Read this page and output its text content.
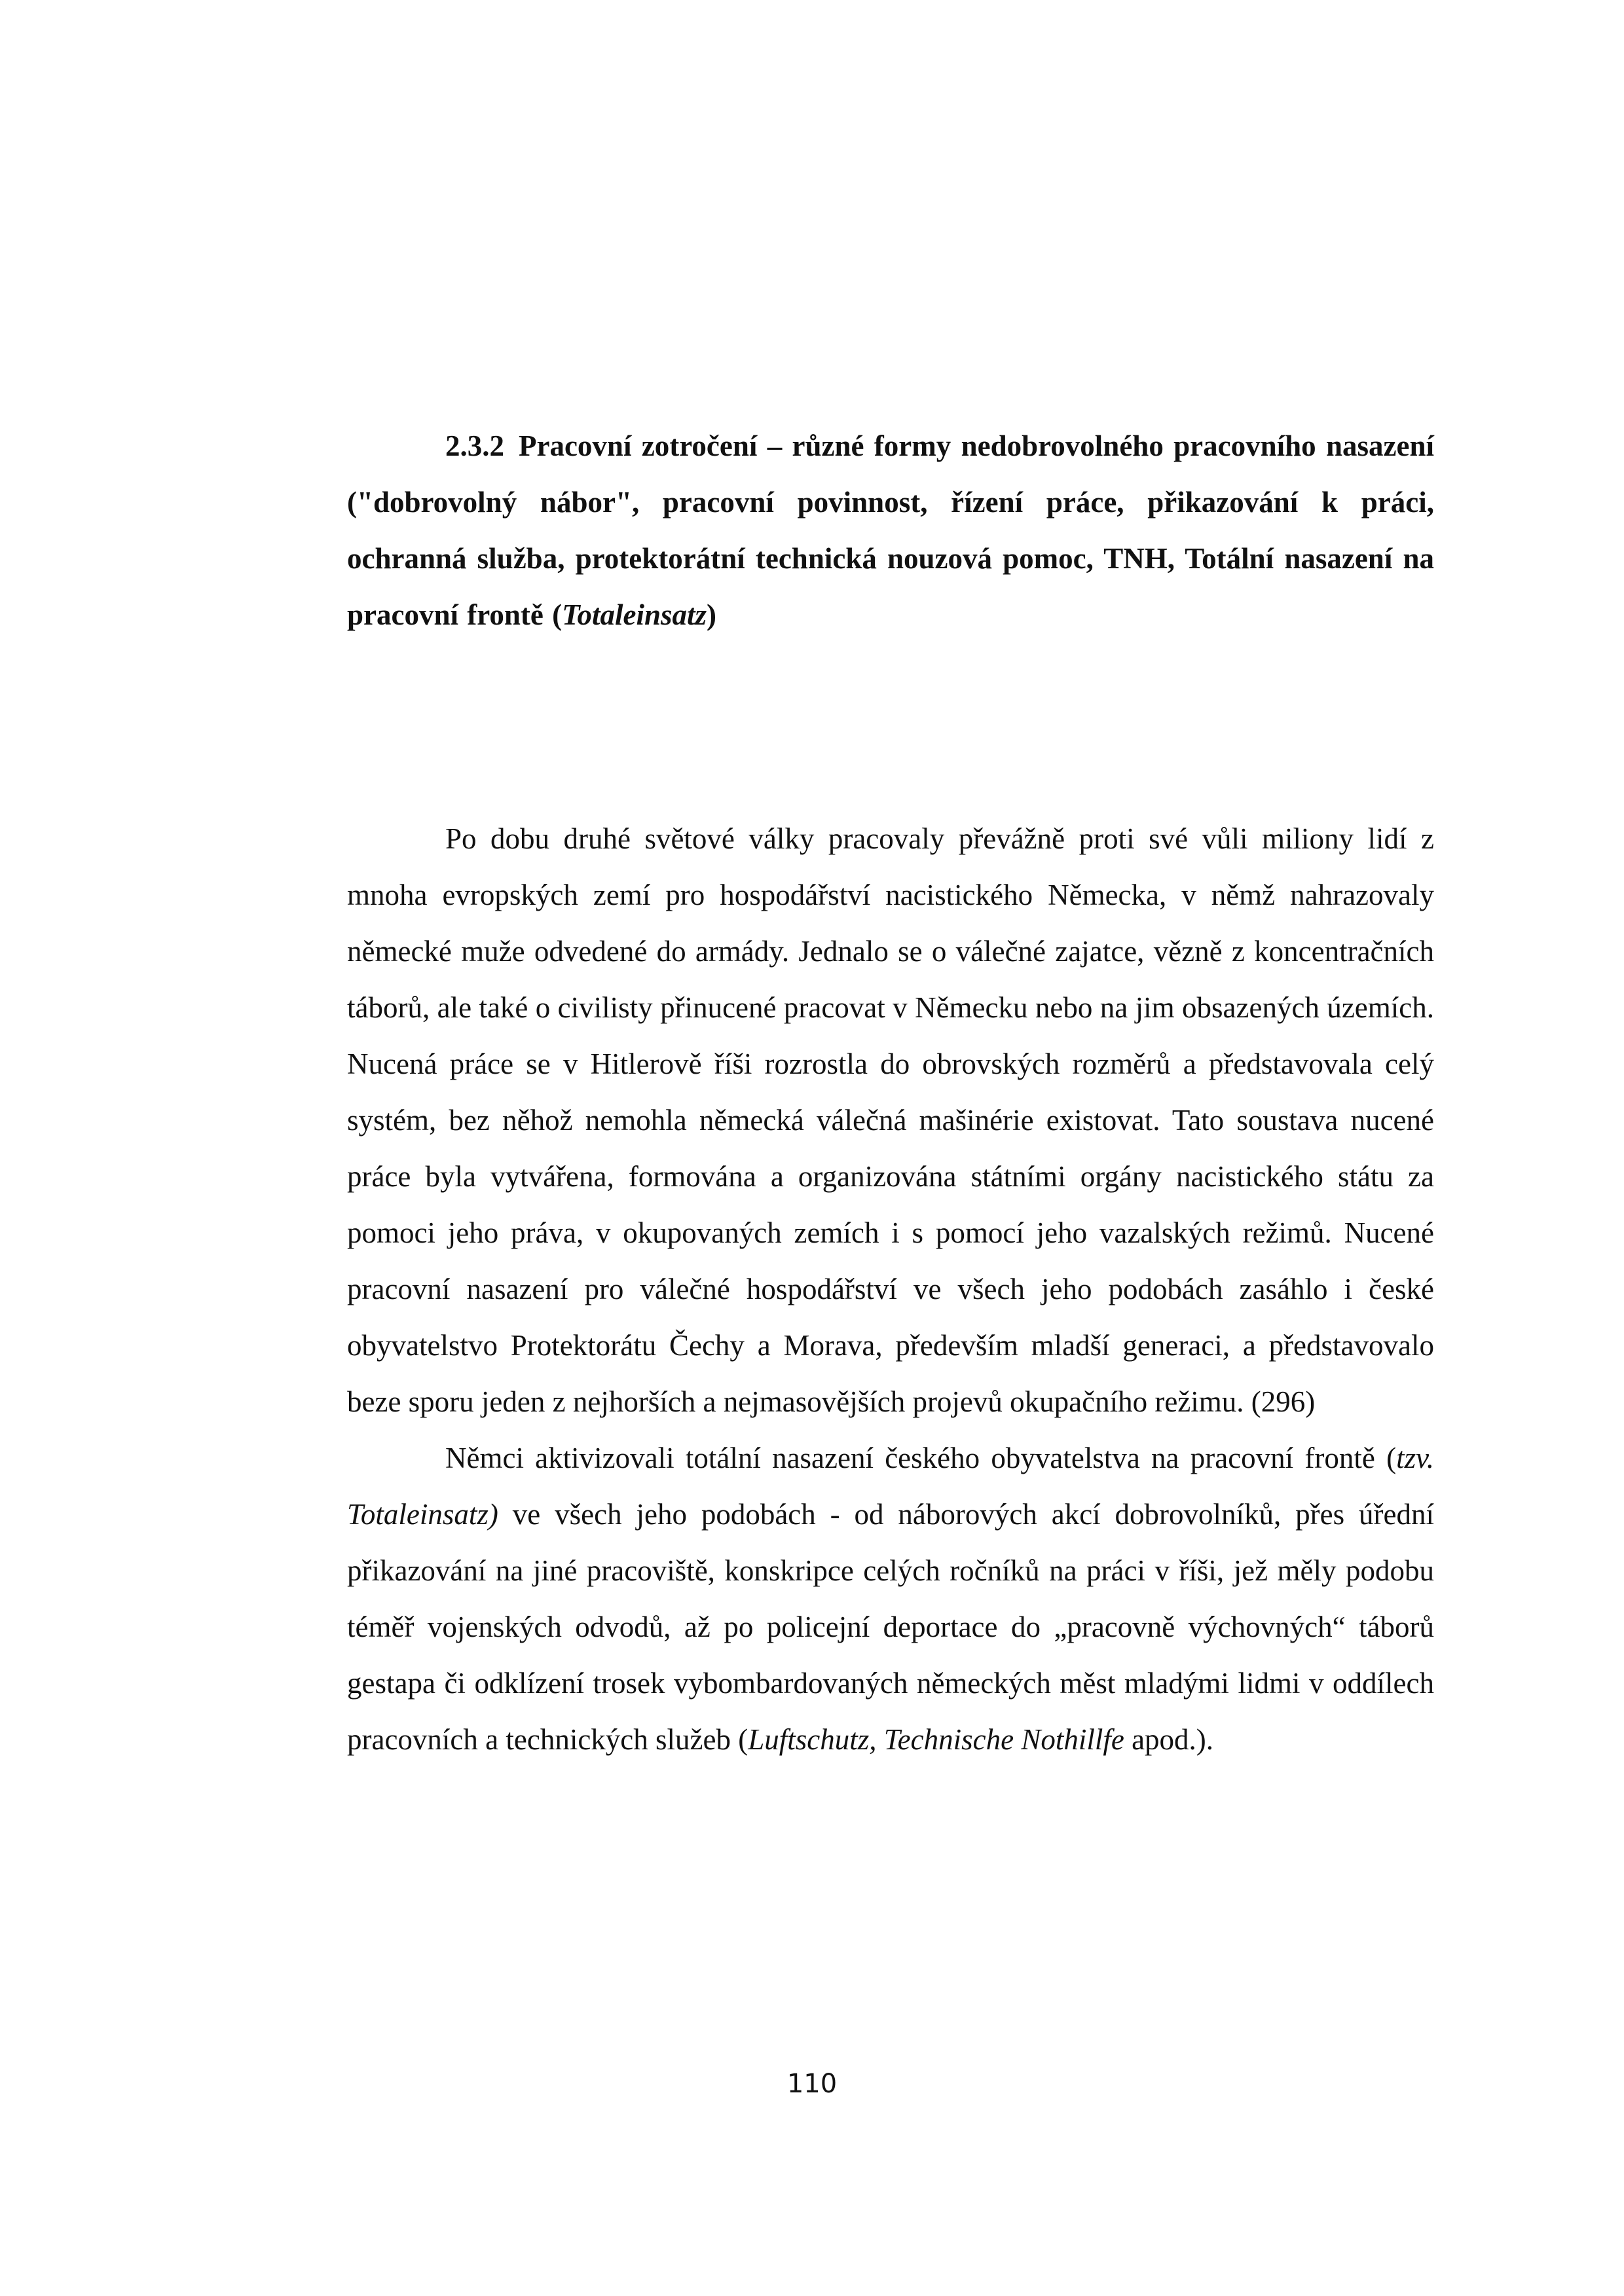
2.3.2 Pracovní zotročení – různé formy nedobrovolného pracovního nasazení ("dobrovolný nábor", pracovní povinnost, řízení práce, přikazování k práci, ochranná služba, protektorátní technická nouzová pomoc, TNH, Totální nasazení na pracovní frontě (Totaleinsatz)

Po dobu druhé světové války pracovaly převážně proti své vůli miliony lidí z mnoha evropských zemí pro hospodářství nacistického Německa, v němž nahrazovaly německé muže odvedené do armády. Jednalo se o válečné zajatce, vězně z koncentračních táborů, ale také o civilisty přinucené pracovat v Německu nebo na jim obsazených územích. Nucená práce se v Hitlerově říši rozrostla do obrovských rozměrů a představovala celý systém, bez něhož nemohla německá válečná mašinérie existovat. Tato soustava nucené práce byla vytvářena, formována a organizována státními orgány nacistického státu za pomoci jeho práva, v okupovaných zemích i s pomocí jeho vazalských režimů. Nucené pracovní nasazení pro válečné hospodářství ve všech jeho podobách zasáhlo i české obyvatelstvo Protektorátu Čechy a Morava, především mladší generaci, a představovalo beze sporu jeden z nejhorších a nejmasovějších projevů okupačního režimu. (296)

Němci aktivizovali totální nasazení českého obyvatelstva na pracovní frontě (tzv. Totaleinsatz) ve všech jeho podobách - od náborových akcí dobrovolníků, přes úřední přikazování na jiné pracoviště, konskripce celých ročníků na práci v říši, jež měly podobu téměř vojenských odvodů, až po policejní deportace do „pracovně výchovných“ táborů gestapa či odklízení trosek vybombardovaných německých měst mladými lidmi v oddílech pracovních a technických služeb (Luftschutz, Technische Nothillfe apod.).

110
